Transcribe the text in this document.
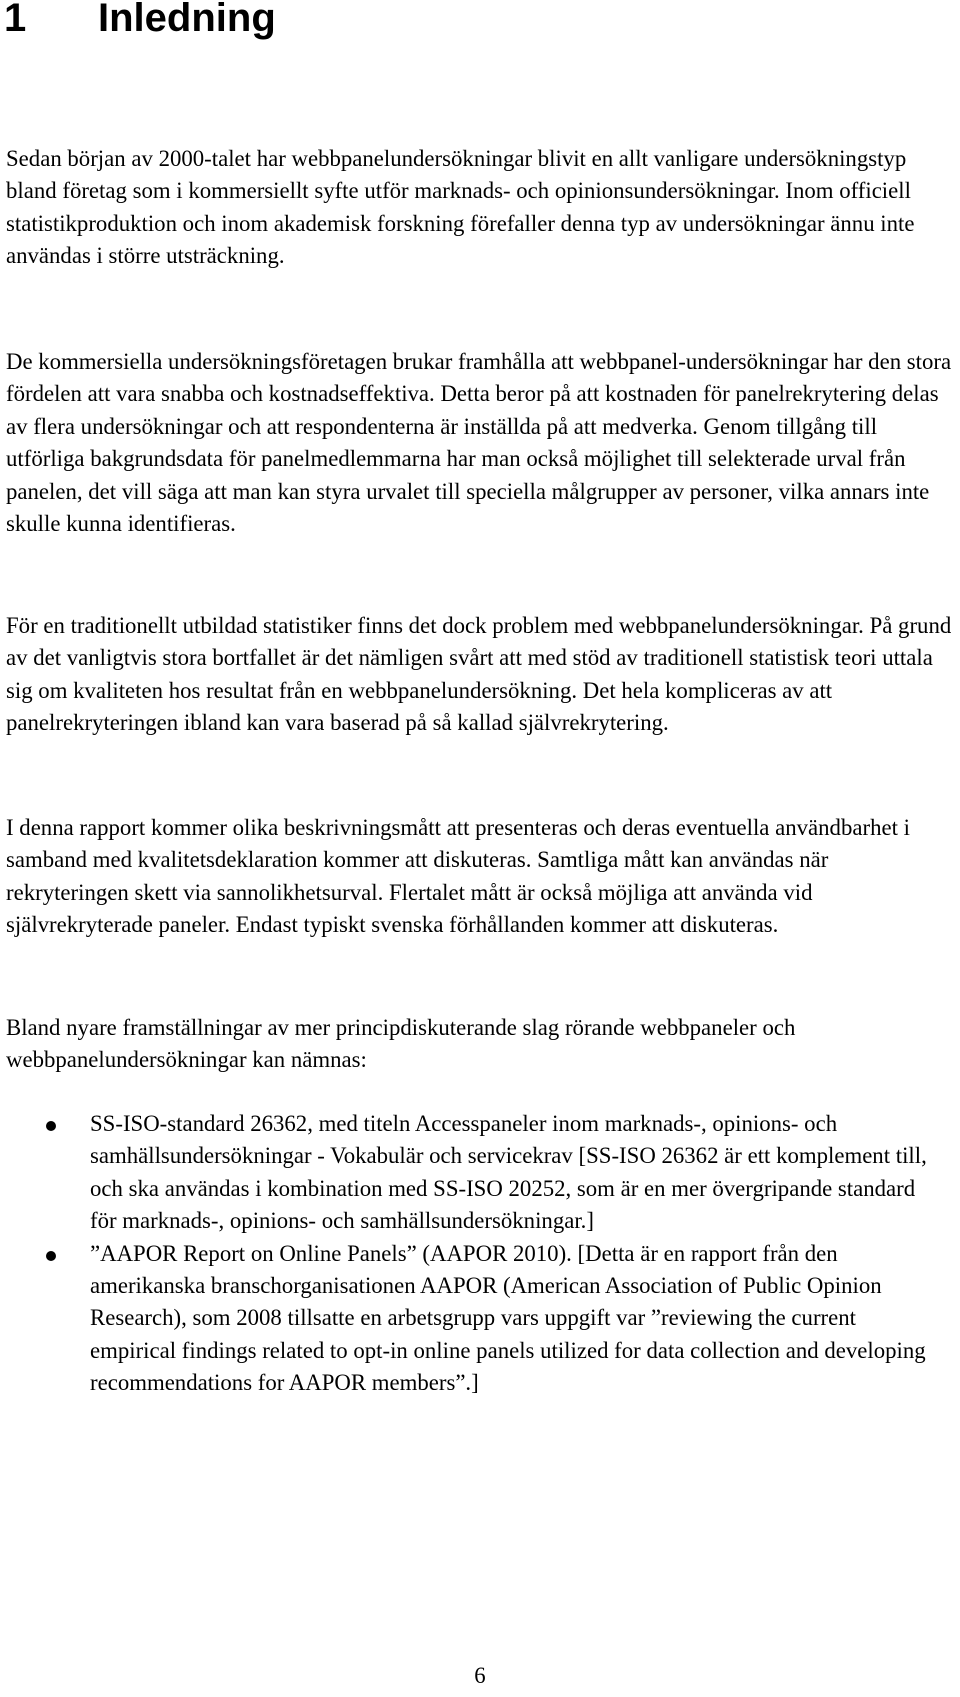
1 Inledning

Sedan början av 2000-talet har webbpanelundersökningar blivit en allt vanligare undersökningstyp bland företag som i kommersiellt syfte utför marknads- och opinionsundersökningar. Inom officiell statistikproduktion och inom akademisk forskning förefaller denna typ av undersökningar ännu inte användas i större utsträckning.

De kommersiella undersökningsföretagen brukar framhålla att webbpanel-undersökningar har den stora fördelen att vara snabba och kostnadseffektiva. Detta beror på att kostnaden för panelrekrytering delas av flera undersökningar och att respondenterna är inställda på att medverka. Genom tillgång till utförliga bakgrundsdata för panelmedlemmarna har man också möjlighet till selekterade urval från panelen, det vill säga att man kan styra urvalet till speciella målgrupper av personer, vilka annars inte skulle kunna identifieras.

För en traditionellt utbildad statistiker finns det dock problem med webbpanelundersökningar. På grund av det vanligtvis stora bortfallet är det nämligen svårt att med stöd av traditionell statistisk teori uttala sig om kvaliteten hos resultat från en webbpanelundersökning. Det hela kompliceras av att panelrekryteringen ibland kan vara baserad på så kallad självrekrytering.

I denna rapport kommer olika beskrivningsmått att presenteras och deras eventuella användbarhet i samband med kvalitetsdeklaration kommer att diskuteras. Samtliga mått kan användas när rekryteringen skett via sannolikhetsurval. Flertalet mått är också möjliga att använda vid självrekryterade paneler. Endast typiskt svenska förhållanden kommer att diskuteras.

Bland nyare framställningar av mer principdiskuterande slag rörande webbpaneler och webbpanelundersökningar kan nämnas:

SS-ISO-standard 26362, med titeln Accesspaneler inom marknads-, opinions- och samhällsundersökningar - Vokabulär och servicekrav [SS-ISO 26362 är ett komplement till, och ska användas i kombination med SS-ISO 20252, som är en mer övergripande standard för marknads-, opinions- och samhällsundersökningar.]
”AAPOR Report on Online Panels” (AAPOR 2010). [Detta är en rapport från den amerikanska branschorganisationen AAPOR (American Association of Public Opinion Research), som 2008 tillsatte en arbetsgrupp vars uppgift var ”reviewing the current empirical findings related to opt-in online panels utilized for data collection and developing recommendations for AAPOR members”.]
6
